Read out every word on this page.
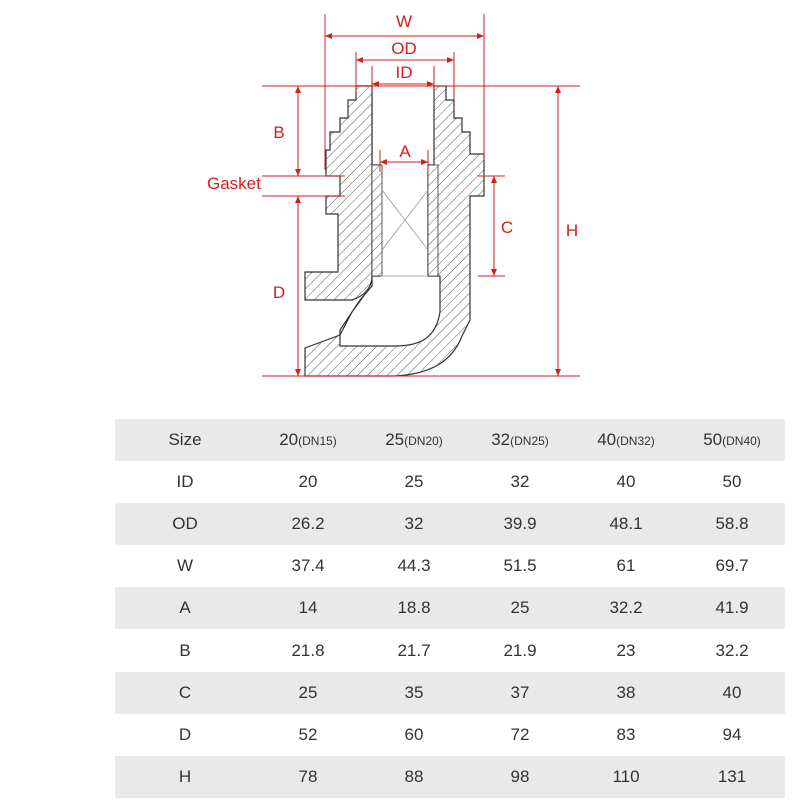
W
OD
ID
A
B
Gasket
C
D
H
Size	20(DN15)	25(DN20)	32(DN25)	40(DN32)	50(DN40)
ID	20	25	32	40	50
OD	26.2	32	39.9	48.1	58.8
W	37.4	44.3	51.5	61	69.7
A	14	18.8	25	32.2	41.9
B	21.8	21.7	21.9	23	32.2
C	25	35	37	38	40
D	52	60	72	83	94
H	78	88	98	110	131
